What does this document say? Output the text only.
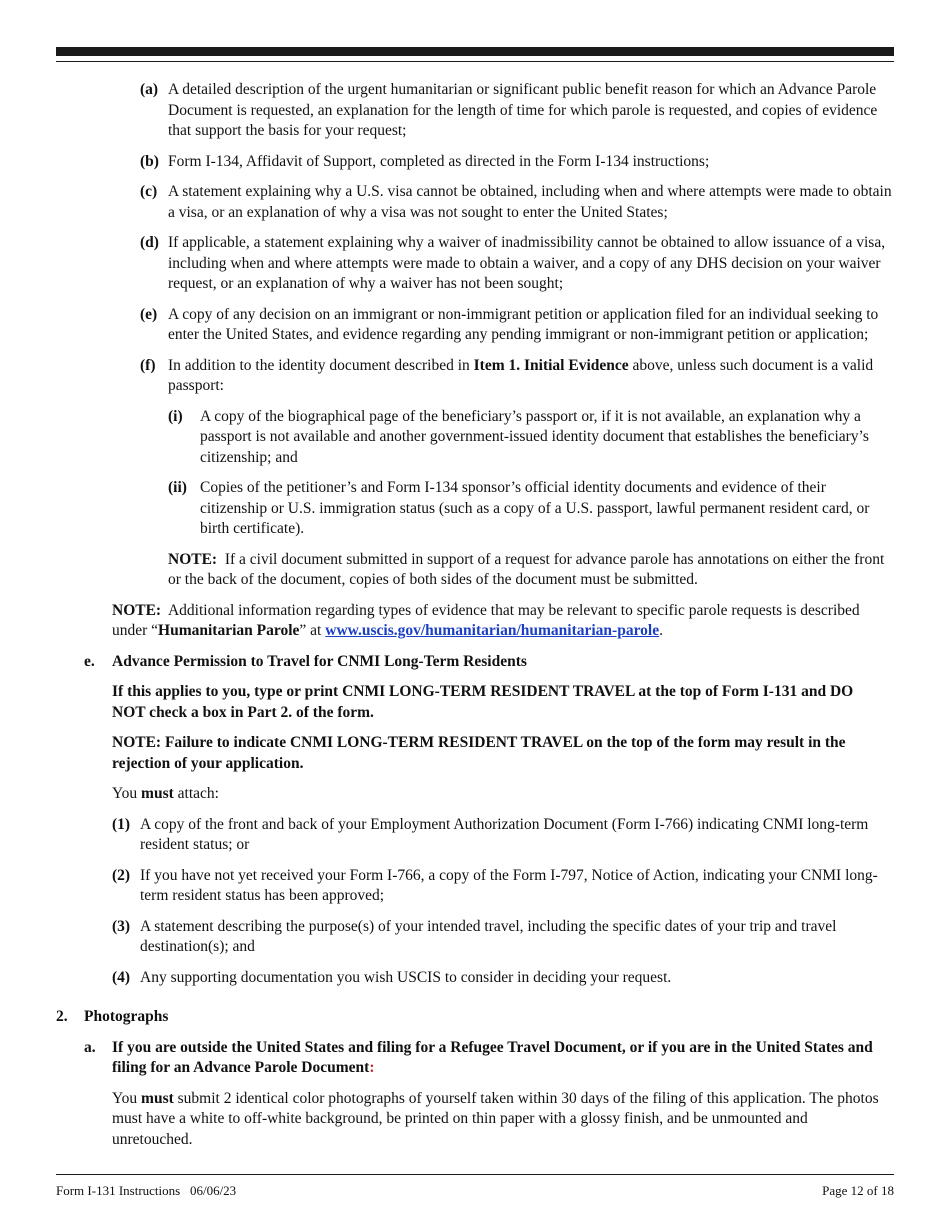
(a) A detailed description of the urgent humanitarian or significant public benefit reason for which an Advance Parole Document is requested, an explanation for the length of time for which parole is requested, and copies of evidence that support the basis for your request;
(b) Form I-134, Affidavit of Support, completed as directed in the Form I-134 instructions;
(c) A statement explaining why a U.S. visa cannot be obtained, including when and where attempts were made to obtain a visa, or an explanation of why a visa was not sought to enter the United States;
(d) If applicable, a statement explaining why a waiver of inadmissibility cannot be obtained to allow issuance of a visa, including when and where attempts were made to obtain a waiver, and a copy of any DHS decision on your waiver request, or an explanation of why a waiver has not been sought;
(e) A copy of any decision on an immigrant or non-immigrant petition or application filed for an individual seeking to enter the United States, and evidence regarding any pending immigrant or non-immigrant petition or application;
(f) In addition to the identity document described in Item 1. Initial Evidence above, unless such document is a valid passport:
(i) A copy of the biographical page of the beneficiary’s passport or, if it is not available, an explanation why a passport is not available and another government-issued identity document that establishes the beneficiary’s citizenship; and
(ii) Copies of the petitioner’s and Form I-134 sponsor’s official identity documents and evidence of their citizenship or U.S. immigration status (such as a copy of a U.S. passport, lawful permanent resident card, or birth certificate).
NOTE:  If a civil document submitted in support of a request for advance parole has annotations on either the front or the back of the document, copies of both sides of the document must be submitted.
NOTE:  Additional information regarding types of evidence that may be relevant to specific parole requests is described under “Humanitarian Parole” at www.uscis.gov/humanitarian/humanitarian-parole.
e. Advance Permission to Travel for CNMI Long-Term Residents
If this applies to you, type or print CNMI LONG-TERM RESIDENT TRAVEL at the top of Form I-131 and DO NOT check a box in Part 2. of the form.
NOTE: Failure to indicate CNMI LONG-TERM RESIDENT TRAVEL on the top of the form may result in the rejection of your application.
You must attach:
(1) A copy of the front and back of your Employment Authorization Document (Form I-766) indicating CNMI long-term resident status; or
(2) If you have not yet received your Form I-766, a copy of the Form I-797, Notice of Action, indicating your CNMI long-term resident status has been approved;
(3) A statement describing the purpose(s) of your intended travel, including the specific dates of your trip and travel destination(s); and
(4) Any supporting documentation you wish USCIS to consider in deciding your request.
2. Photographs
a. If you are outside the United States and filing for a Refugee Travel Document, or if you are in the United States and filing for an Advance Parole Document:
You must submit 2 identical color photographs of yourself taken within 30 days of the filing of this application. The photos must have a white to off-white background, be printed on thin paper with a glossy finish, and be unmounted and unretouched.
Form I-131 Instructions   06/06/23	Page 12 of 18
